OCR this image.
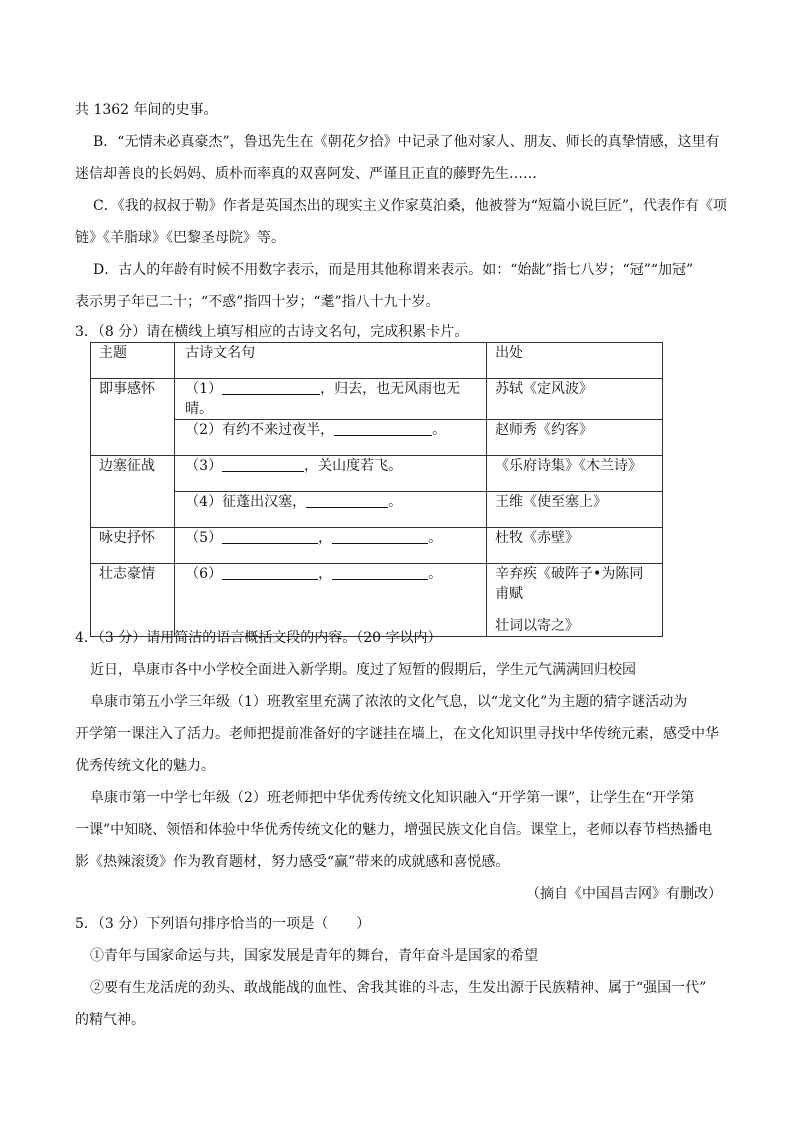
共 1362 年间的史事。
B．“无情未必真豪杰”，鲁迅先生在《朝花夕拾》中记录了他对家人、朋友、师长的真挚情感，这里有
迷信却善良的长妈妈、质朴而率真的双喜阿发、严谨且正直的藤野先生……
C．《我的叔叔于勒》作者是英国杰出的现实主义作家莫泊桑，他被誉为“短篇小说巨匠”，代表作有《项
链》《羊脂球》《巴黎圣母院》等。
D．古人的年龄有时候不用数字表示，而是用其他称谓来表示。如：“始龀”指七八岁；“冠”“加冠”
表示男子年已二十；“不惑”指四十岁；“耄”指八十九十岁。
3．（8 分）请在横线上填写相应的古诗文名句，完成积累卡片。
主题	古诗文名句	出处
即事感怀	（1） ，归去，也无风雨也无晴。	苏轼《定风波》
	（2）有约不来过夜半， 。	赵师秀《约客》
边塞征战	（3） ，关山度若飞。	《乐府诗集》《木兰诗》
	（4）征蓬出汉塞， 。	王维《使至塞上》
咏史抒怀	（5） ， 。	杜牧《赤壁》
壮志豪情	（6） ， 。	辛弃疾《破阵子•为陈同甫赋
壮词以寄之》
4．（3 分）请用简洁的语言概括文段的内容。（20 字以内）
近日，阜康市各中小学校全面进入新学期。度过了短暂的假期后，学生元气满满回归校园
阜康市第五小学三年级（1）班教室里充满了浓浓的文化气息，以“龙文化”为主题的猜字谜活动为
开学第一课注入了活力。老师把提前准备好的字谜挂在墙上，在文化知识里寻找中华传统元素，感受中华
优秀传统文化的魅力。
阜康市第一中学七年级（2）班老师把中华优秀传统文化知识融入“开学第一课”，让学生在“开学第
一课”中知晓、领悟和体验中华优秀传统文化的魅力，增强民族文化自信。课堂上，老师以春节档热播电
影《热辣滚烫》作为教育题材，努力感受“赢”带来的成就感和喜悦感。
（摘自《中国昌吉网》有删改）
5．（3 分）下列语句排序恰当的一项是（　　）
①青年与国家命运与共，国家发展是青年的舞台，青年奋斗是国家的希望
②要有生龙活虎的劲头、敢战能战的血性、舍我其谁的斗志，生发出源于民族精神、属于“强国一代”
的精气神。
